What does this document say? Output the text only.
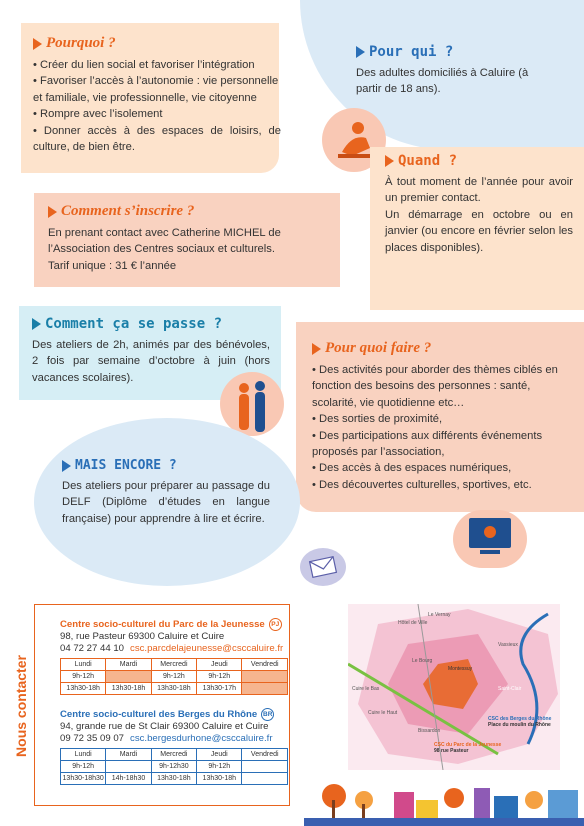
Pourquoi ?
• Créer du lien social et favoriser l’intégration
• Favoriser l’accès à l’autonomie : vie personnelle et familiale, vie professionnelle, vie citoyenne
• Rompre avec l’isolement
• Donner accès à des espaces de loisirs, de culture, de bien être.
Pour qui ?
Des adultes domiciliés à Caluire (à partir de 18 ans).
Quand ?
À tout moment de l’année pour avoir un premier contact.
Un démarrage en octobre ou en janvier (ou encore en février selon les places disponibles).
Comment s’inscrire ?
En prenant contact avec Catherine MICHEL de l’Association des Centres sociaux et culturels.
Tarif unique : 31 € l’année
Comment ça se passe ?
Des ateliers de 2h, animés par des bénévoles, 2 fois par semaine d’octobre à juin (hors vacances scolaires).
Pour quoi faire ?
• Des activités pour aborder des thèmes ciblés en fonction des besoins des personnes : santé, scolarité, vie quotidienne etc…
• Des sorties de proximité,
• Des participations aux différents événements proposés par l’association,
• Des accès à des espaces numériques,
• Des découvertes culturelles, sportives, etc.
MAIS ENCORE ?
Des ateliers pour préparer au passage du DELF (Diplôme d’études en langue française) pour apprendre à lire et écrire.
Nous contacter
Centre socio-culturel du Parc de la Jeunesse	PJ
98, rue Pasteur 69300 Caluire et Cuire
04 72 27 44 10 csc.parcdelajeunesse@csccaluire.fr
Lundi	Mardi	Mercredi	Jeudi	Vendredi
9h-12h		9h-12h	9h-12h	
13h30-18h	13h30-18h	13h30-18h	13h30-17h	
Centre socio-culturel des Berges du Rhône BR
94, grande rue de St Clair 69300 Caluire et Cuire
09 72 35 09 07 csc.bergesdurhone@csccaluire.fr
Lundi	Mardi	Mercredi	Jeudi	Vendredi
9h-12h		9h-12h30	9h-12h	
13h30-18h30	14h-18h30	13h30-18h	13h30-18h	
Le Vernay
Vassieux
Le Bourg
Cuire le Bas
Cuire le Haut
Montessuy
Saint-Clair
Bissardon
Hôtel de Ville
CSC des Berges du Rhône
Place du moulin du Rhône
CSC du Parc de la Jeunesse
98 rue Pasteur
